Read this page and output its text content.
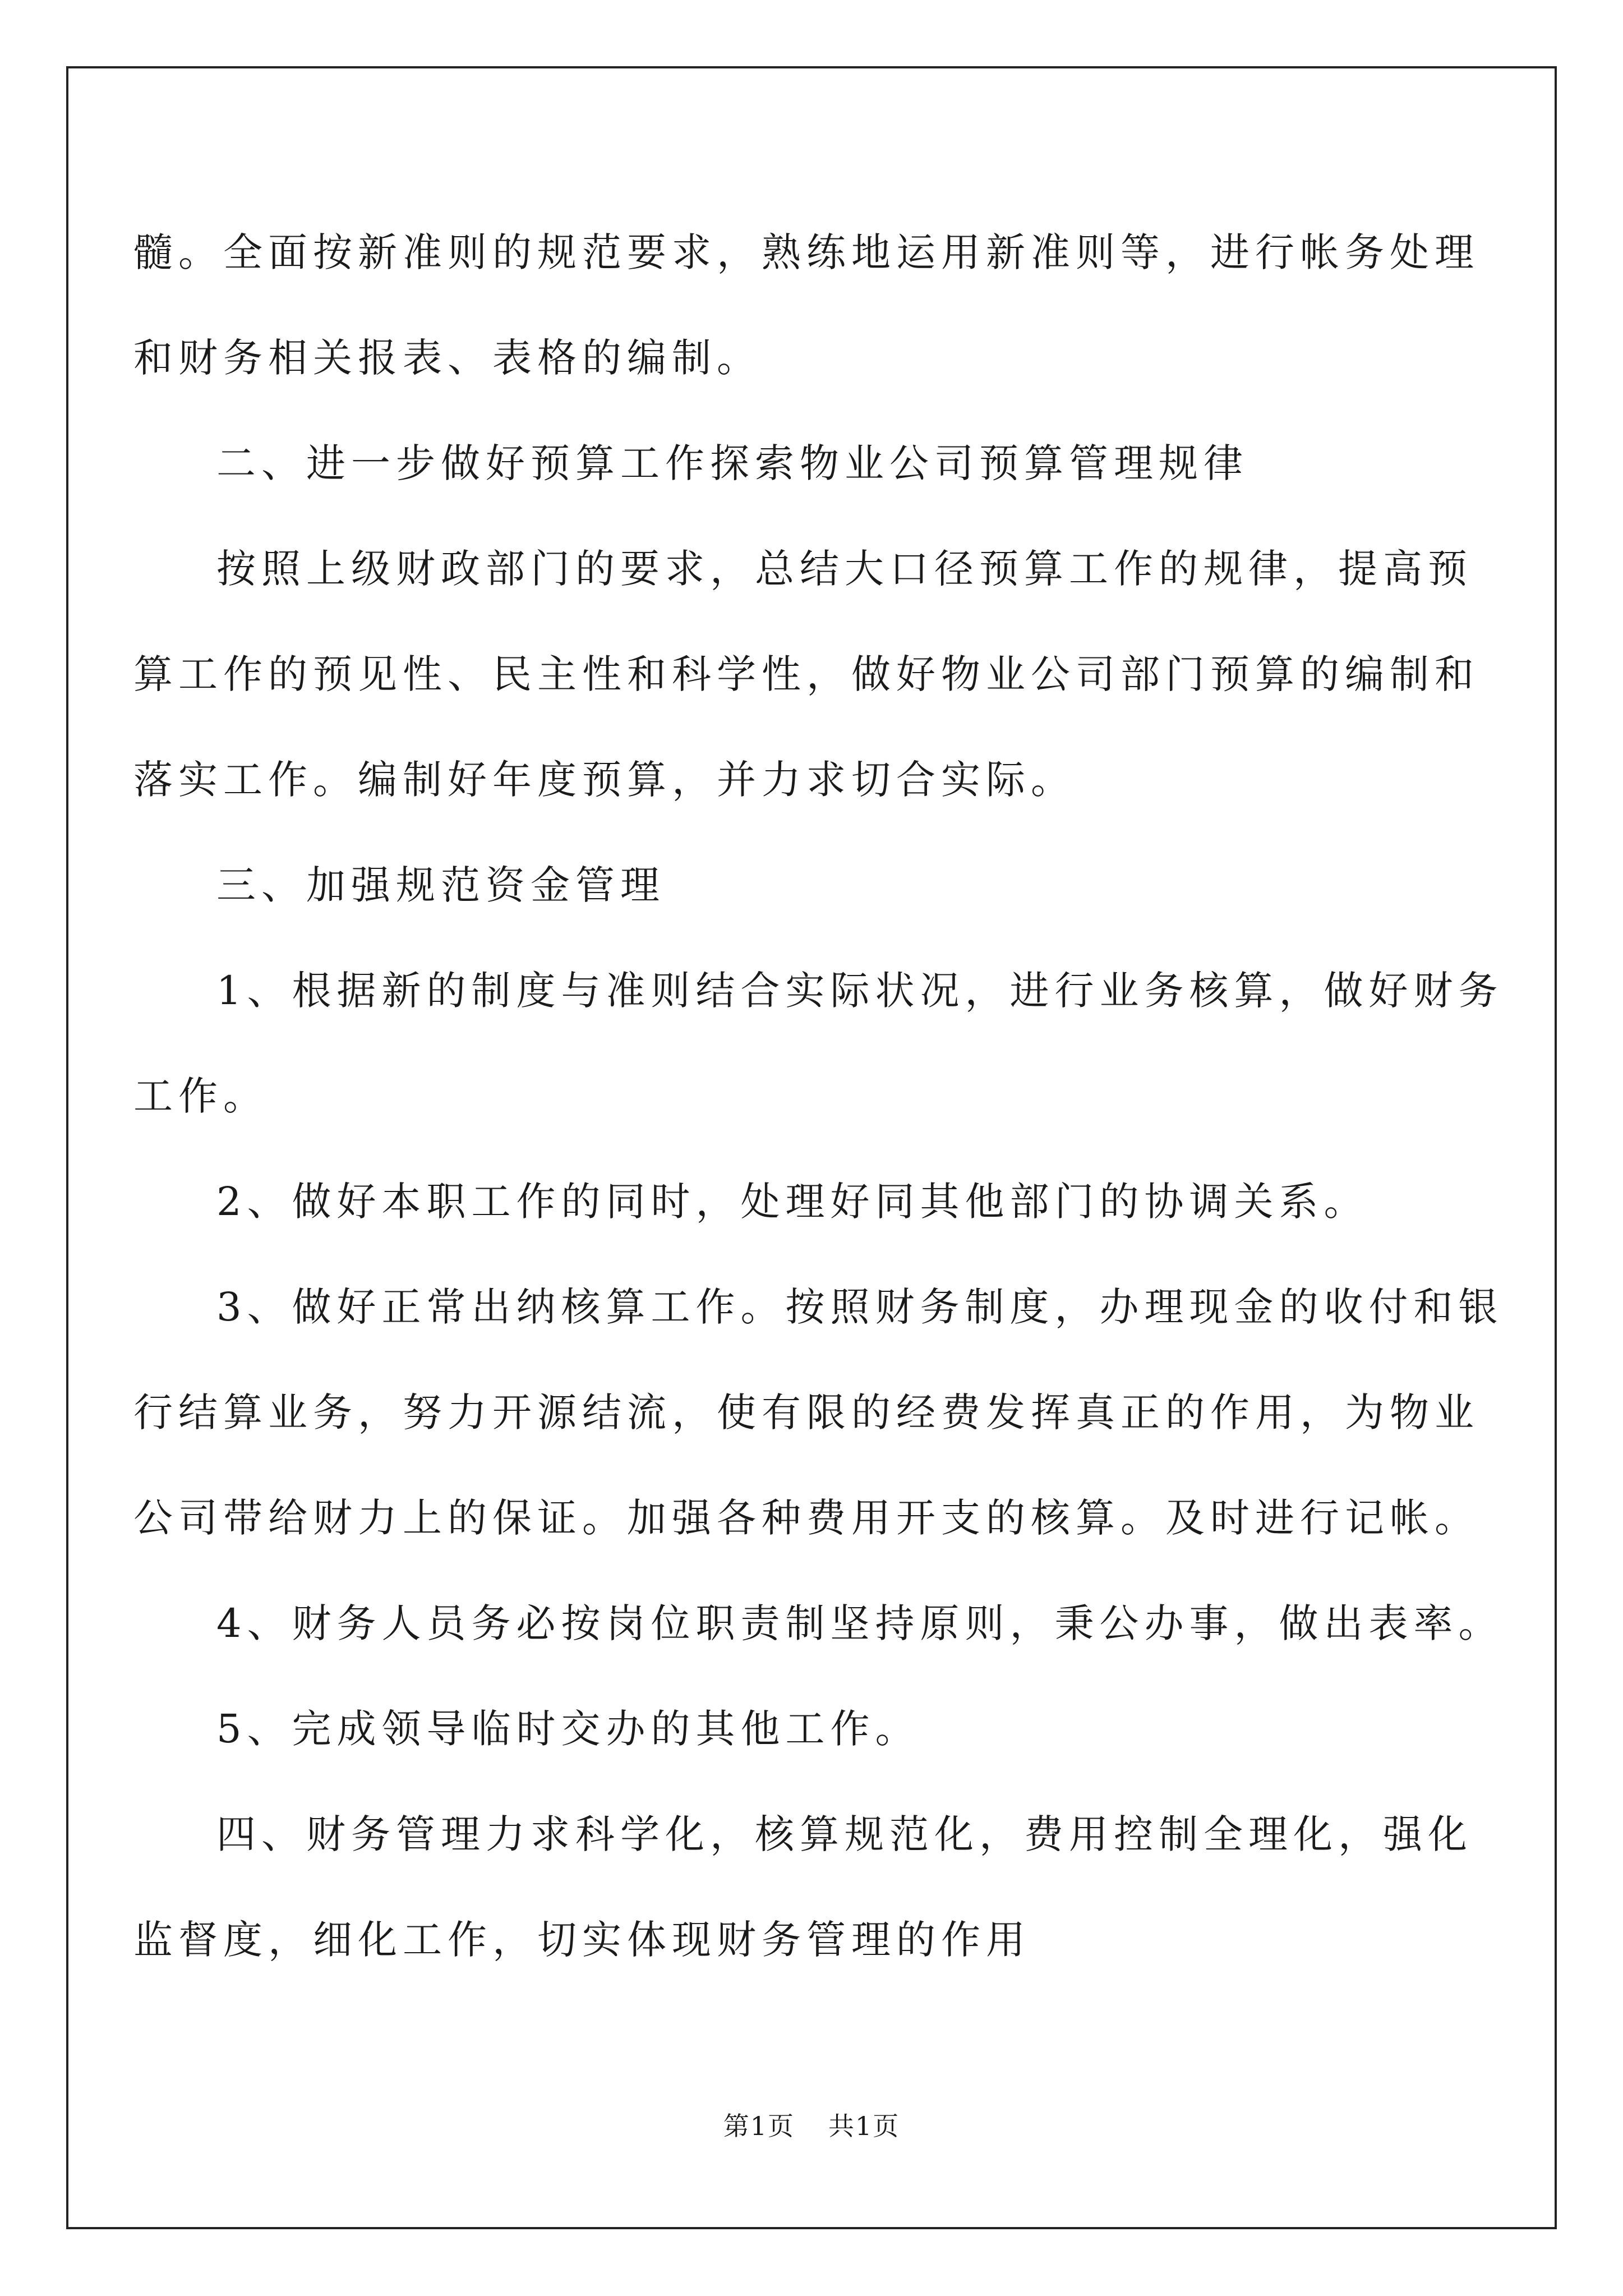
髓。全面按新准则的规范要求，熟练地运用新准则等，进行帐务处理
和财务相关报表、表格的编制。
二、进一步做好预算工作探索物业公司预算管理规律
按照上级财政部门的要求，总结大口径预算工作的规律，提高预
算工作的预见性、民主性和科学性，做好物业公司部门预算的编制和
落实工作。编制好年度预算，并力求切合实际。
三、加强规范资金管理
1、根据新的制度与准则结合实际状况，进行业务核算，做好财务
工作。
2、做好本职工作的同时，处理好同其他部门的协调关系。
3、做好正常出纳核算工作。按照财务制度，办理现金的收付和银
行结算业务，努力开源结流，使有限的经费发挥真正的作用，为物业
公司带给财力上的保证。加强各种费用开支的核算。及时进行记帐。
4、财务人员务必按岗位职责制坚持原则，秉公办事，做出表率。
5、完成领导临时交办的其他工作。
四、财务管理力求科学化，核算规范化，费用控制全理化，强化
监督度，细化工作，切实体现财务管理的作用
第1页 共1页
